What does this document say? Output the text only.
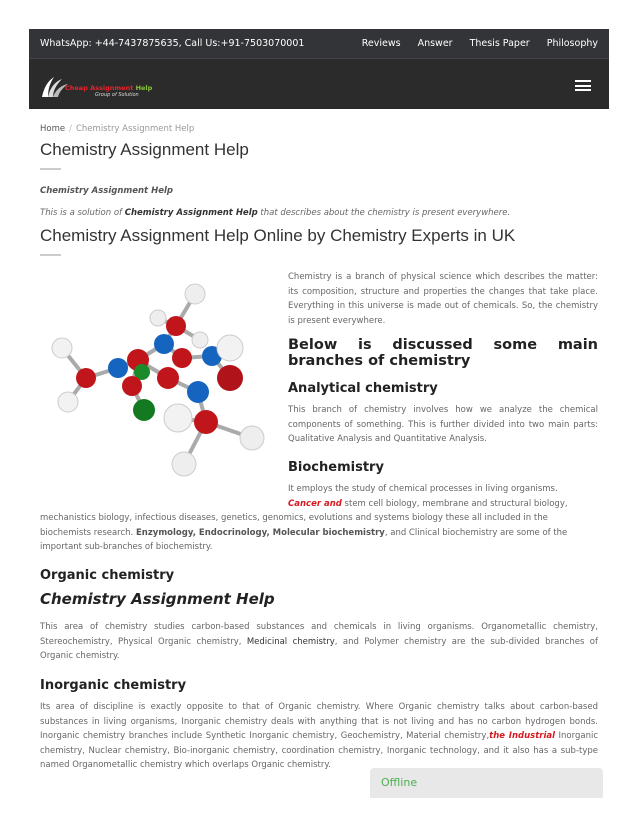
WhatsApp: +44-7437875635, Call Us:+91-7503070001	Reviews Answer Thesis Paper Philosophy
Cheap Assignment Help
Group of Solution
Home / Chemistry Assignment Help
Chemistry Assignment Help
Chemistry Assignment Help
This is a solution of Chemistry Assignment Help that describes about the chemistry is present everywhere.
Chemistry Assignment Help Online by Chemistry Experts in UK
Chemistry is a branch of physical science which describes the matter: its composition, structure and properties the changes that take place. Everything in this universe is made out of chemicals. So, the chemistry is present everywhere.
Below is discussed some main
branches of chemistry
Analytical chemistry
This branch of chemistry involves how we analyze the chemical components of something. This is further divided into two main parts: Qualitative Analysis and Quantitative Analysis.
Biochemistry
It employs the study of chemical processes in living organisms.
Cancer and stem cell biology, membrane and structural biology,
mechanistics biology, infectious diseases, genetics, genomics, evolutions and systems biology these all included in the
biochemists research. Enzymology, Endocrinology, Molecular biochemistry, and Clinical biochemistry are some of the
important sub-branches of biochemistry.
Organic chemistry
Chemistry Assignment Help
This area of chemistry studies carbon-based substances and chemicals in living organisms. Organometallic chemistry, Stereochemistry, Physical Organic chemistry, Medicinal chemistry, and Polymer chemistry are the sub-divided branches of Organic chemistry.
Inorganic chemistry
Its area of discipline is exactly opposite to that of Organic chemistry. Where Organic chemistry talks about carbon-based substances in living organisms, Inorganic chemistry deals with anything that is not living and has no carbon hydrogen bonds. Inorganic chemistry branches include Synthetic Inorganic chemistry, Geochemistry, Material chemistry,the Industrial Inorganic chemistry, Nuclear chemistry, Bio-inorganic chemistry, coordination chemistry, Inorganic technology, and it also has a sub-type named Organometallic chemistry which overlaps Organic chemistry.
Offline
